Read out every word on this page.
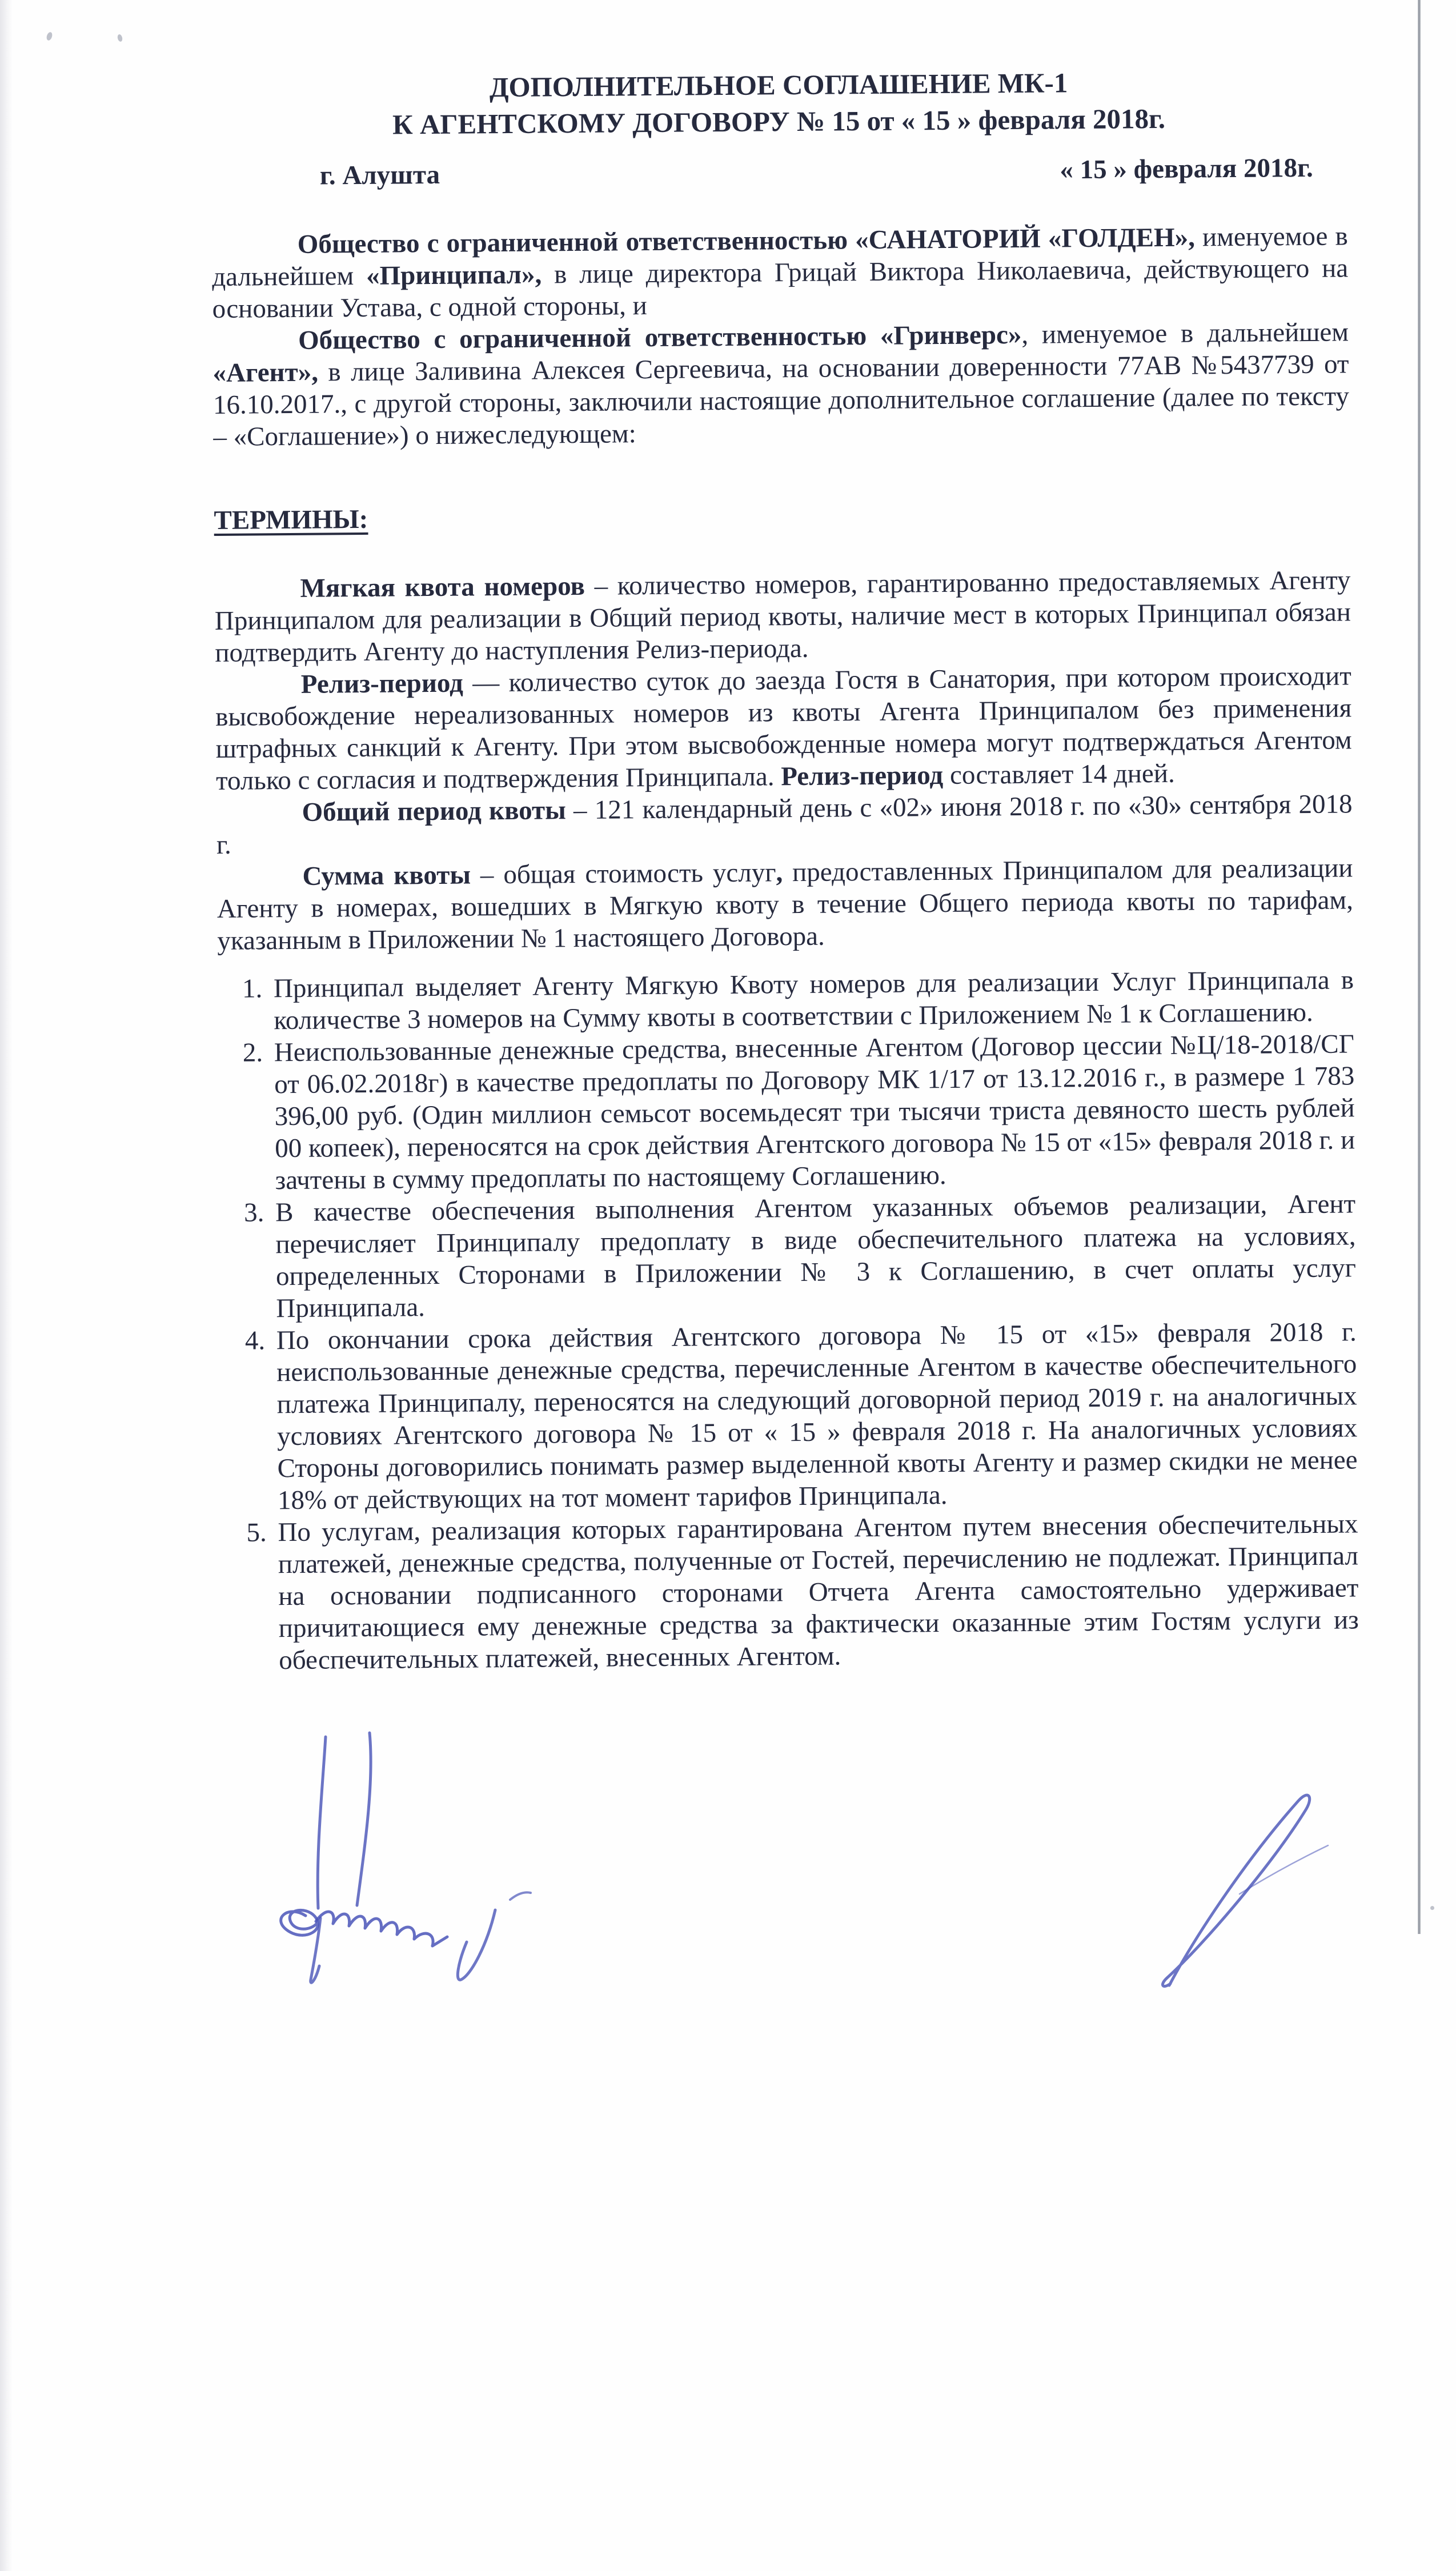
ДОПОЛНИТЕЛЬНОЕ СОГЛАШЕНИЕ МК-1
К АГЕНТСКОМУ ДОГОВОРУ № 15 от « 15 » февраля 2018г.
г. Алушта	« 15 » февраля 2018г.

Общество с ограниченной ответственностью «САНАТОРИЙ «ГОЛДЕН», именуемое в дальнейшем «Принципал», в лице директора Грицай Виктора Николаевича, действующего на основании Устава, с одной стороны, и

Общество с ограниченной ответственностью «Гринверс», именуемое в дальнейшем «Агент», в лице Заливина Алексея Сергеевича, на основании доверенности 77АВ №5437739 от 16.10.2017., с другой стороны, заключили настоящие дополнительное соглашение (далее по тексту – «Соглашение») о нижеследующем:

ТЕРМИНЫ:

Мягкая квота номеров – количество номеров, гарантированно предоставляемых Агенту Принципалом для реализации в Общий период квоты, наличие мест в которых Принципал обязан подтвердить Агенту до наступления Релиз-периода.

Релиз-период — количество суток до заезда Гостя в Санатория, при котором происходит высвобождение нереализованных номеров из квоты Агента Принципалом без применения штрафных санкций к Агенту. При этом высвобожденные номера могут подтверждаться Агентом только с согласия и подтверждения Принципала. Релиз-период составляет 14 дней.

Общий период квоты – 121 календарный день с «02» июня 2018 г. по «30» сентября 2018 г.

Сумма квоты – общая стоимость услуг, предоставленных Принципалом для реализации Агенту в номерах, вошедших в Мягкую квоту в течение Общего периода квоты по тарифам, указанным в Приложении № 1 настоящего Договора.

1. Принципал выделяет Агенту Мягкую Квоту номеров для реализации Услуг Принципала в количестве 3 номеров на Сумму квоты в соответствии с Приложением № 1 к Соглашению.
2. Неиспользованные денежные средства, внесенные Агентом (Договор цессии №Ц/18-2018/СГ от 06.02.2018г) в качестве предоплаты по Договору МК 1/17 от 13.12.2016 г., в размере 1 783 396,00 руб. (Один миллион семьсот восемьдесят три тысячи триста девяносто шесть рублей 00 копеек), переносятся на срок действия Агентского договора № 15 от «15» февраля 2018 г. и зачтены в сумму предоплаты по настоящему Соглашению.
3. В качестве обеспечения выполнения Агентом указанных объемов реализации, Агент перечисляет Принципалу предоплату в виде обеспечительного платежа на условиях, определенных Сторонами в Приложении № 3 к Соглашению, в счет оплаты услуг Принципала.
4. По окончании срока действия Агентского договора № 15 от «15» февраля 2018 г. неиспользованные денежные средства, перечисленные Агентом в качестве обеспечительного платежа Принципалу, переносятся на следующий договорной период 2019 г. на аналогичных условиях Агентского договора № 15 от « 15 » февраля 2018 г. На аналогичных условиях Стороны договорились понимать размер выделенной квоты Агенту и размер скидки не менее 18% от действующих на тот момент тарифов Принципала.
5. По услугам, реализация которых гарантирована Агентом путем внесения обеспечительных платежей, денежные средства, полученные от Гостей, перечислению не подлежат. Принципал на основании подписанного сторонами Отчета Агента самостоятельно удерживает причитающиеся ему денежные средства за фактически оказанные этим Гостям услуги из обеспечительных платежей, внесенных Агентом.
